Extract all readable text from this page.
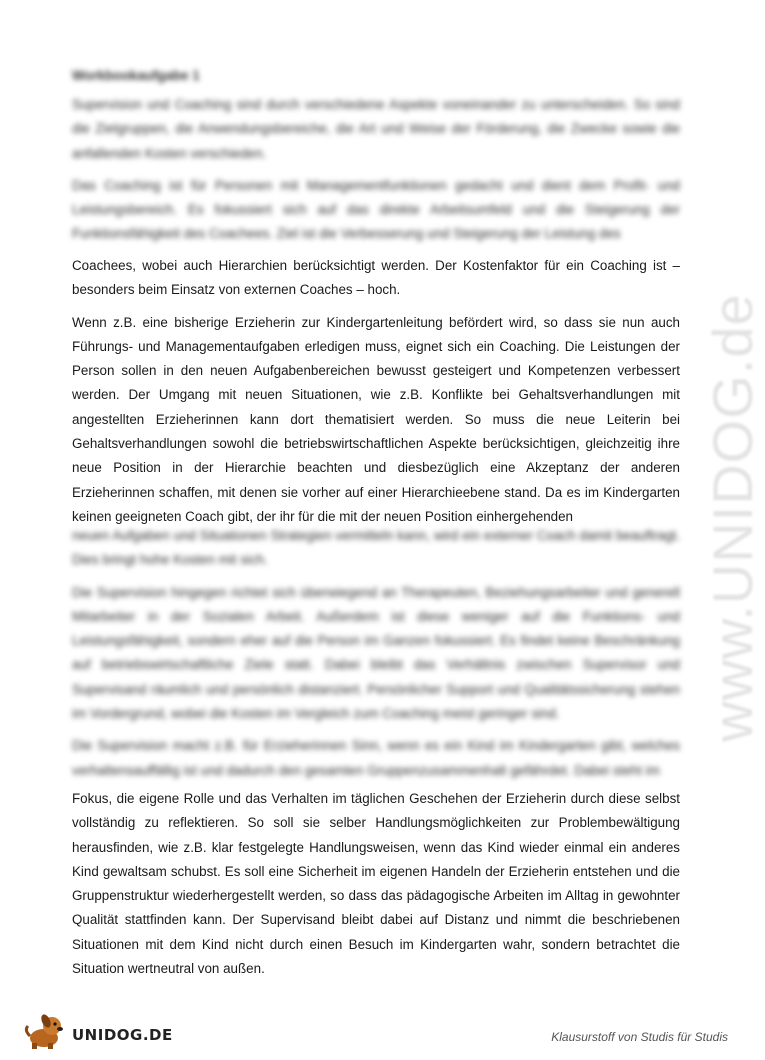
www.UNIDOG.de
Workbookaufgabe 1

Supervision und Coaching sind durch verschiedene Aspekte voneinander zu unterscheiden. So sind die Zielgruppen, die Anwendungsbereiche, die Art und Weise der Förderung, die Zwecke sowie die anfallenden Kosten verschieden.

Das Coaching ist für Personen mit Managementfunktionen gedacht und dient dem Profit- und Leistungsbereich. Es fokussiert sich auf das direkte Arbeitsumfeld und die Steigerung der Funktionsfähigkeit des Coachees. Ziel ist die Verbesserung und Steigerung der Leistung des

Coachees, wobei auch Hierarchien berücksichtigt werden. Der Kostenfaktor für ein Coaching ist – besonders beim Einsatz von externen Coaches – hoch.

Wenn z.B. eine bisherige Erzieherin zur Kindergartenleitung befördert wird, so dass sie nun auch Führungs- und Managementaufgaben erledigen muss, eignet sich ein Coaching. Die Leistungen der Person sollen in den neuen Aufgabenbereichen bewusst gesteigert und Kompetenzen verbessert werden. Der Umgang mit neuen Situationen, wie z.B. Konflikte bei Gehaltsverhandlungen mit angestellten Erzieherinnen kann dort thematisiert werden. So muss die neue Leiterin bei Gehaltsverhandlungen sowohl die betriebswirtschaftlichen Aspekte berücksichtigen, gleichzeitig ihre neue Position in der Hierarchie beachten und diesbezüglich eine Akzeptanz der anderen Erzieherinnen schaffen, mit denen sie vorher auf einer Hierarchieebene stand. Da es im Kindergarten keinen geeigneten Coach gibt, der ihr für die mit der neuen Position einhergehenden

neuen Aufgaben und Situationen Strategien vermitteln kann, wird ein externer Coach damit beauftragt. Dies bringt hohe Kosten mit sich.

Die Supervision hingegen richtet sich überwiegend an Therapeuten, Beziehungsarbeiter und generell Mitarbeiter in der Sozialen Arbeit. Außerdem ist diese weniger auf die Funktions- und Leistungsfähigkeit, sondern eher auf die Person im Ganzen fokussiert. Es findet keine Beschränkung auf betriebswirtschaftliche Ziele statt. Dabei bleibt das Verhältnis zwischen Supervisor und Supervisand räumlich und persönlich distanziert. Persönlicher Support und Qualitätssicherung stehen im Vordergrund, wobei die Kosten im Vergleich zum Coaching meist geringer sind.

Die Supervision macht z.B. für Erzieherinnen Sinn, wenn es ein Kind im Kindergarten gibt, welches verhaltensauffällig ist und dadurch den gesamten Gruppenzusammenhalt gefährdet. Dabei steht im

Fokus, die eigene Rolle und das Verhalten im täglichen Geschehen der Erzieherin durch diese selbst vollständig zu reflektieren. So soll sie selber Handlungsmöglichkeiten zur Problembewältigung herausfinden, wie z.B. klar festgelegte Handlungsweisen, wenn das Kind wieder einmal ein anderes Kind gewaltsam schubst. Es soll eine Sicherheit im eigenen Handeln der Erzieherin entstehen und die Gruppenstruktur wiederhergestellt werden, so dass das pädagogische Arbeiten im Alltag in gewohnter Qualität stattfinden kann. Der Supervisand bleibt dabei auf Distanz und nimmt die beschriebenen Situationen mit dem Kind nicht durch einen Besuch im Kindergarten wahr, sondern betrachtet die Situation wertneutral von außen.

UNIDOG.DE	Klausurstoff von Studis für Studis
